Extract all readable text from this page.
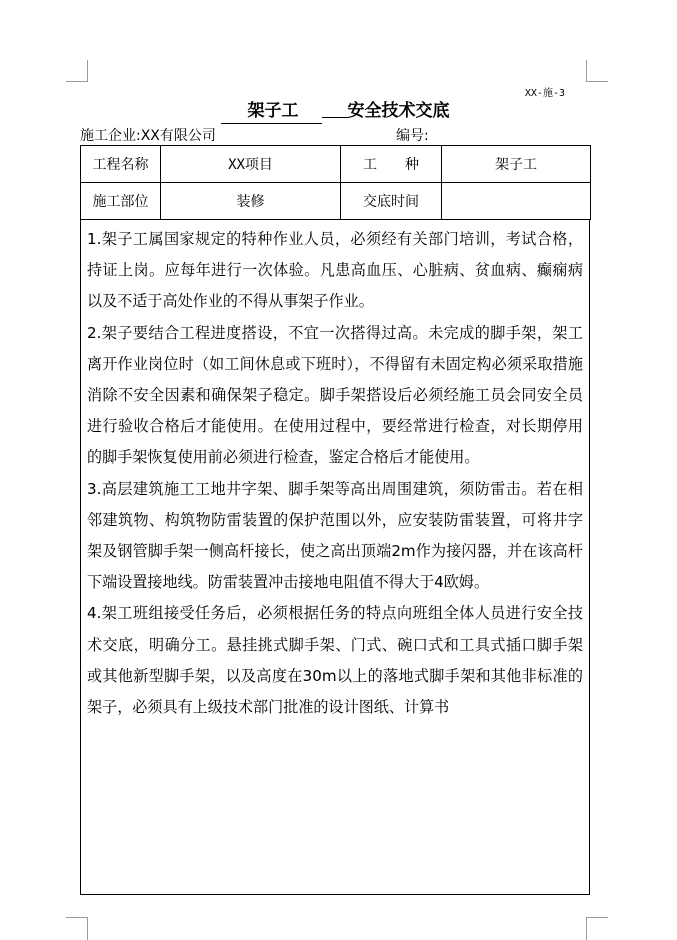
XX-施-3
架子工	安全技术交底
施工企业:XX有限公司	编号:
工程名称	XX项目	工　　种	架子工
施工部位	装修	交底时间	

1.架子工属国家规定的特种作业人员，必须经有关部门培训，考试合格，持证上岗。应每年进行一次体验。凡患高血压、心脏病、贫血病、癫痫病以及不适于高处作业的不得从事架子作业。

2.架子要结合工程进度搭设，不宜一次搭得过高。未完成的脚手架，架工离开作业岗位时（如工间休息或下班时），不得留有未固定构必须采取措施消除不安全因素和确保架子稳定。脚手架搭设后必须经施工员会同安全员进行验收合格后才能使用。在使用过程中，要经常进行检查，对长期停用的脚手架恢复使用前必须进行检查，鉴定合格后才能使用。

3.高层建筑施工工地井字架、脚手架等高出周围建筑，须防雷击。若在相邻建筑物、构筑物防雷装置的保护范围以外，应安装防雷装置，可将井字架及钢管脚手架一侧高杆接长，使之高出顶端2m作为接闪器，并在该高杆下端设置接地线。防雷装置冲击接地电阻值不得大于4欧姆。

4.架工班组接受任务后，必须根据任务的特点向班组全体人员进行安全技术交底，明确分工。悬挂挑式脚手架、门式、碗口式和工具式插口脚手架或其他新型脚手架，以及高度在30m以上的落地式脚手架和其他非标准的架子，必须具有上级技术部门批准的设计图纸、计算书
